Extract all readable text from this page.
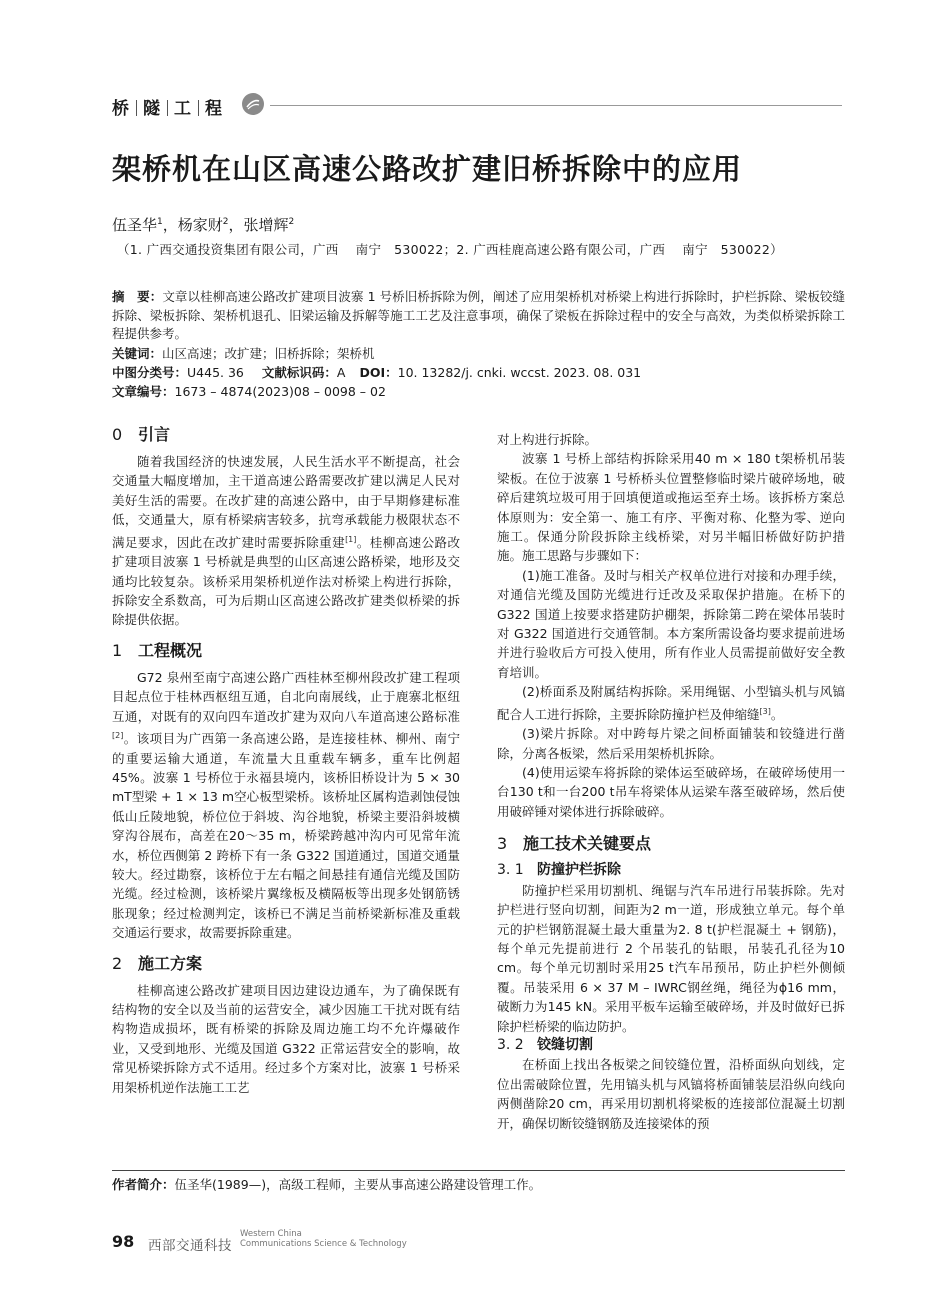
桥 隧 工 程
架桥机在山区高速公路改扩建旧桥拆除中的应用
伍圣华$^1$，杨家财$^2$，张增辉$^2$
（1. 广西交通投资集团有限公司，广西　 南宁　530022；2. 广西桂鹿高速公路有限公司，广西　 南宁　530022）

摘　要：文章以桂柳高速公路改扩建项目波寨 1 号桥旧桥拆除为例，阐述了应用架桥机对桥梁上构进行拆除时，护栏拆除、梁板铰缝拆除、梁板拆除、架桥机退孔、旧梁运输及拆解等施工工艺及注意事项，确保了梁板在拆除过程中的安全与高效，为类似桥梁拆除工程提供参考。

关键词：山区高速；改扩建；旧桥拆除；架桥机
中图分类号：U445. 36 文献标识码：A DOI：10. 13282/j. cnki. wccst. 2023. 08. 031
文章编号：1673 – 4874(2023)08 – 0098 – 02
0 引言

随着我国经济的快速发展，人民生活水平不断提高，社会交通量大幅度增加，主干道高速公路需要改扩建以满足人民对美好生活的需要。在改扩建的高速公路中，由于早期修建标准低，交通量大，原有桥梁病害较多，抗弯承载能力极限状态不满足要求，因此在改扩建时需要拆除重建[1]。桂柳高速公路改扩建项目波寨 1 号桥就是典型的山区高速公路桥梁，地形及交通均比较复杂。该桥采用架桥机逆作法对桥梁上构进行拆除，拆除安全系数高，可为后期山区高速公路改扩建类似桥梁的拆除提供依据。

1 工程概况

G72 泉州至南宁高速公路广西桂林至柳州段改扩建工程项目起点位于桂林西枢纽互通，自北向南展线，止于鹿寨北枢纽互通，对既有的双向四车道改扩建为双向八车道高速公路标准[2]。该项目为广西第一条高速公路，是连接桂林、柳州、南宁的重要运输大通道，车流量大且重载车辆多，重车比例超 45%。波寨 1 号桥位于永福县境内，该桥旧桥设计为 5 × 30 mT型梁 + 1 × 13 m空心板型梁桥。该桥址区属构造剥蚀侵蚀低山丘陵地貌，桥位位于斜坡、沟谷地貌，桥梁主要沿斜坡横穿沟谷展布，高差在20～35 m，桥梁跨越冲沟内可见常年流水，桥位西侧第 2 跨桥下有一条 G322 国道通过，国道交通量较大。经过勘察，该桥位于左右幅之间悬挂有通信光缆及国防光缆。经过检测，该桥梁片翼缘板及横隔板等出现多处钢筋锈胀现象；经过检测判定，该桥已不满足当前桥梁新标准及重载交通运行要求，故需要拆除重建。

2 施工方案

桂柳高速公路改扩建项目因边建设边通车，为了确保既有结构物的安全以及当前的运营安全，减少因施工干扰对既有结构物造成损坏，既有桥梁的拆除及周边施工均不允许爆破作业，又受到地形、光缆及国道 G322 正常运营安全的影响，故常见桥梁拆除方式不适用。经过多个方案对比，波寨 1 号桥采用架桥机逆作法施工工艺

对上构进行拆除。

波寨 1 号桥上部结构拆除采用40 m × 180 t架桥机吊装梁板。在位于波寨 1 号桥桥头位置整修临时梁片破碎场地，破碎后建筑垃圾可用于回填便道或拖运至弃土场。该拆桥方案总体原则为：安全第一、施工有序、平衡对称、化整为零、逆向施工。保通分阶段拆除主线桥梁，对另半幅旧桥做好防护措施。施工思路与步骤如下：

(1)施工准备。及时与相关产权单位进行对接和办理手续，对通信光缆及国防光缆进行迁改及采取保护措施。在桥下的 G322 国道上按要求搭建防护棚架，拆除第二跨在梁体吊装时对 G322 国道进行交通管制。本方案所需设备均要求提前进场并进行验收后方可投入使用，所有作业人员需提前做好安全教育培训。

(2)桥面系及附属结构拆除。采用绳锯、小型镐头机与风镐配合人工进行拆除，主要拆除防撞护栏及伸缩缝[3]。

(3)梁片拆除。对中跨每片梁之间桥面铺装和铰缝进行凿除，分离各板梁，然后采用架桥机拆除。

(4)使用运梁车将拆除的梁体运至破碎场，在破碎场使用一台130 t和一台200 t吊车将梁体从运梁车落至破碎场，然后使用破碎锤对梁体进行拆除破碎。

3 施工技术关键要点
3. 1 防撞护栏拆除

防撞护栏采用切割机、绳锯与汽车吊进行吊装拆除。先对护栏进行竖向切割，间距为2 m一道，形成独立单元。每个单元的护栏钢筋混凝土最大重量为2. 8 t(护栏混凝土 + 钢筋)，每个单元先提前进行 2 个吊装孔的钻眼，吊装孔孔径为10 cm。每个单元切割时采用25 t汽车吊预吊，防止护栏外侧倾覆。吊装采用 6 × 37 M – IWRC钢丝绳，绳径为ϕ16 mm，破断力为145 kN。采用平板车运输至破碎场，并及时做好已拆除护栏桥梁的临边防护。

3. 2 铰缝切割

在桥面上找出各板梁之间铰缝位置，沿桥面纵向划线，定位出需破除位置，先用镐头机与风镐将桥面铺装层沿纵向线向两侧凿除20 cm，再采用切割机将梁板的连接部位混凝土切割开，确保切断铰缝钢筋及连接梁体的预

作者简介：伍圣华(1989—)，高级工程师，主要从事高速公路建设管理工作。
98 西部交通科技
Western China
Communications Science & Technology
